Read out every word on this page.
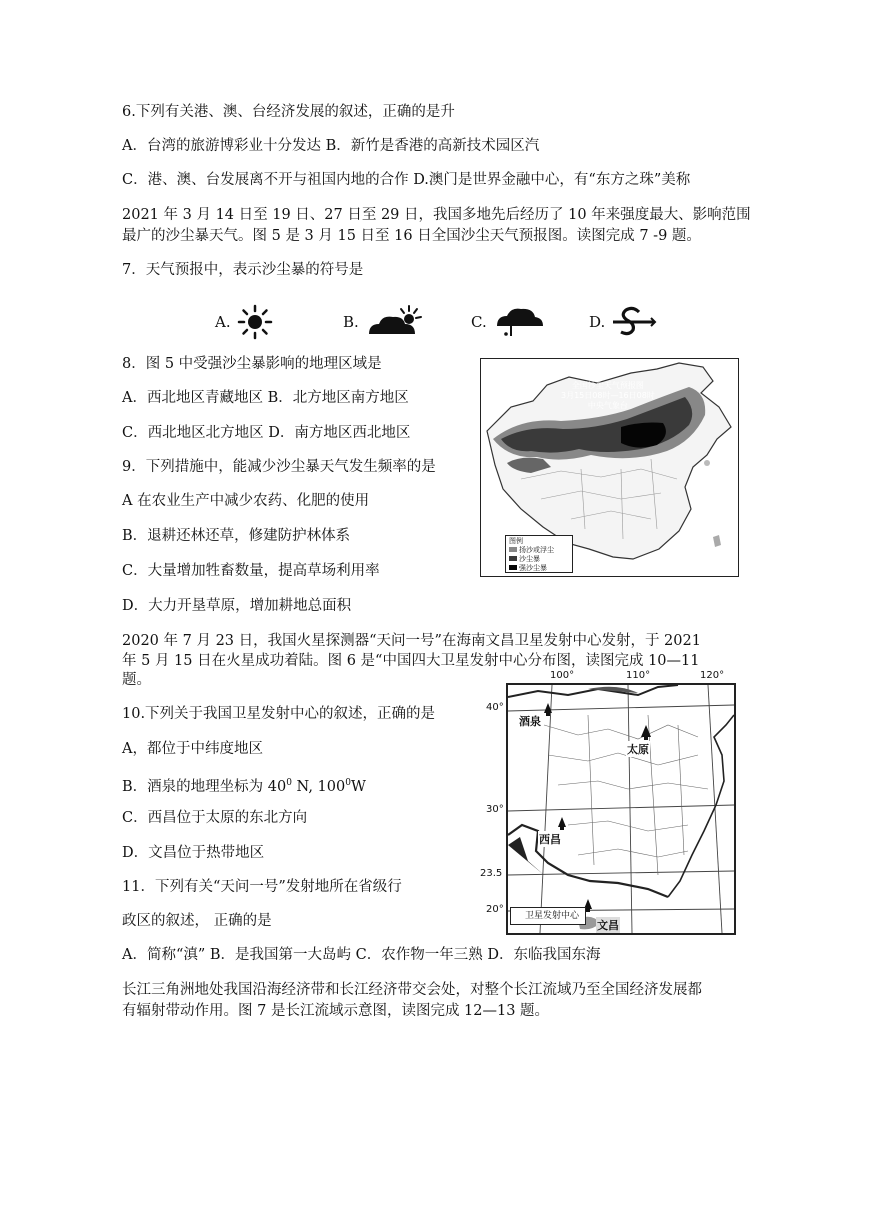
6.下列有关港、澳、台经济发展的叙述，正确的是升
A．台湾的旅游博彩业十分发达 B．新竹是香港的高新技术园区汽
C．港、澳、台发展离不开与祖国内地的合作 D.澳门是世界金融中心，有“东方之珠”美称
2021 年 3 月 14 日至 19 日、27 日至 29 日，我国多地先后经历了 10 年来强度最大、影响范围
最广的沙尘暴天气。图 5 是 3 月 15 日至 16 日全国沙尘天气预报图。读图完成 7 -9 题。
7．天气预报中，表示沙尘暴的符号是
A.	B.	C.	D.
8．图 5 中受强沙尘暴影响的地理区域是
A．西北地区青藏地区 B．北方地区南方地区
C．西北地区北方地区 D．南方地区西北地区
9．下列措施中，能减少沙尘暴天气发生频率的是
A 在农业生产中减少农药、化肥的使用
B．退耕还林还草，修建防护林体系
C．大量增加牲畜数量，提高草场利用率
D．大力开垦草原，增加耕地总面积
全国沙尘天气预报图
3月15日08时—16日08时
中央气象台
图例
扬沙或浮尘
沙尘暴
强沙尘暴
2020 年 7 月 23 日，我国火星探测器“天问一号”在海南文昌卫星发射中心发射，于 2021
年 5 月 15 日在火星成功着陆。图 6 是“中国四大卫星发射中心分布图，读图完成 10—11
题。
10.下列关于我国卫星发射中心的叙述，正确的是
A，都位于中纬度地区
B．酒泉的地理坐标为 $40^0$ N, $100^0W$
C．西昌位于太原的东北方向
D．文昌位于热带地区
11．下列有关“天问一号”发射地所在省级行
政区的叙述， 正确的是
A．简称“滇” B．是我国第一大岛屿 C．农作物一年三熟 D．东临我国东海
酒泉
太原
西昌
文昌
卫星发射中心
100°	110°	120°
40°
30°
23.5
20°
长江三角洲地处我国沿海经济带和长江经济带交会处，对整个长江流域乃至全国经济发展都
有辐射带动作用。图 7 是长江流域示意图，读图完成 12—13 题。
